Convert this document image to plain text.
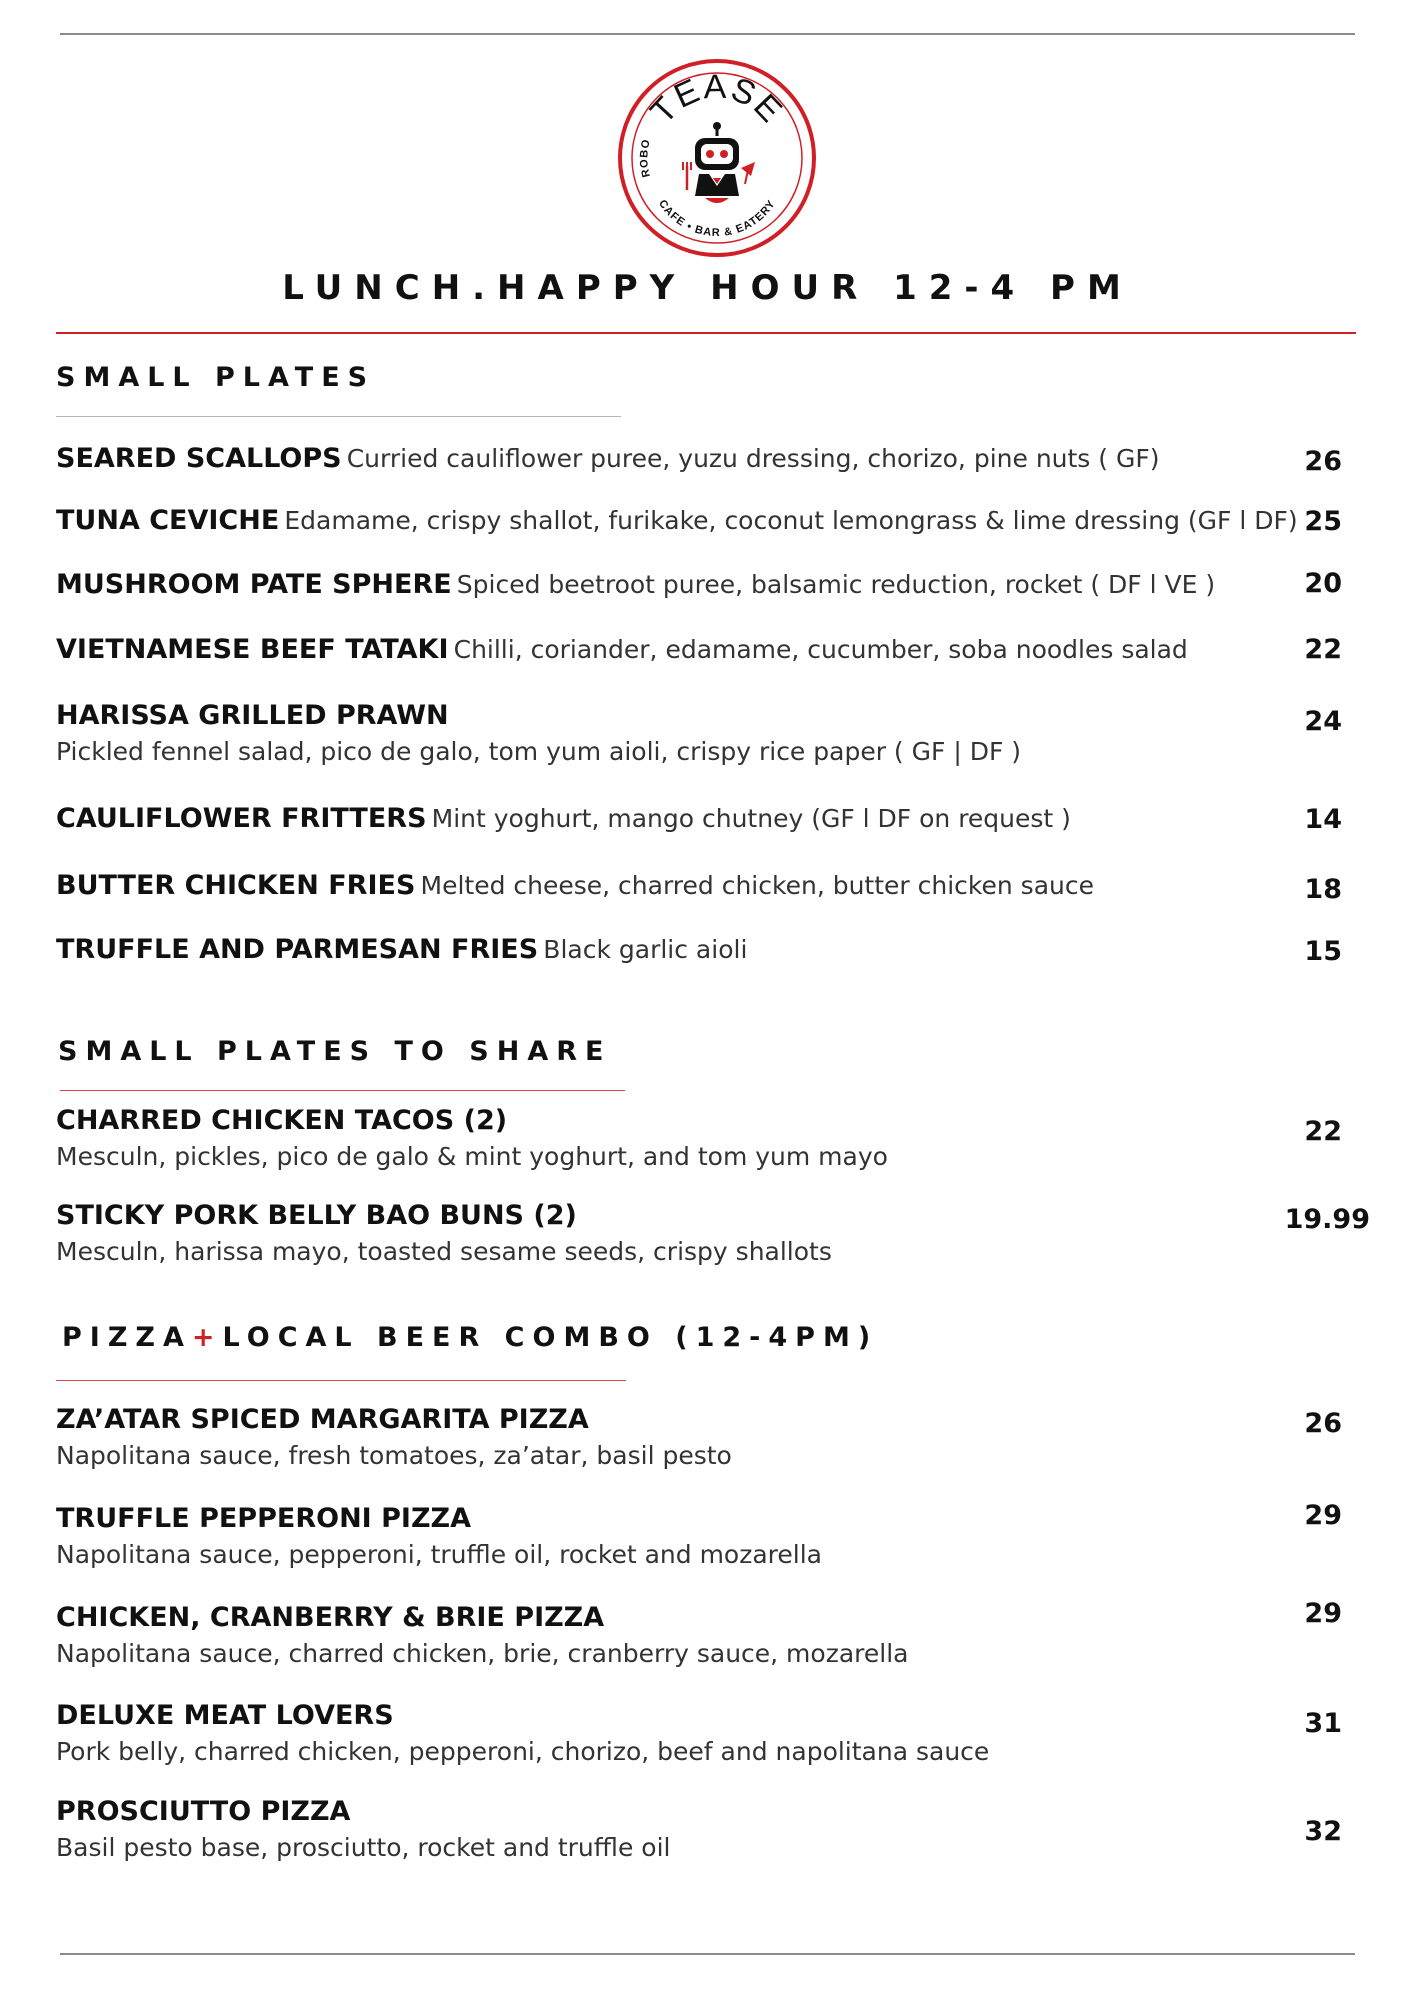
TEASE
CAFE • BAR & EATERY
ROBO
LUNCH.HAPPY HOUR 12-4 PM
SMALL PLATES
SEARED SCALLOPS Curried cauliflower puree, yuzu dressing, chorizo, pine nuts ( GF)	26
TUNA CEVICHE Edamame, crispy shallot, furikake, coconut lemongrass & lime dressing (GF l DF) 25
MUSHROOM PATE SPHERE Spiced beetroot puree, balsamic reduction, rocket ( DF l VE )	20
VIETNAMESE BEEF TATAKI Chilli, coriander, edamame, cucumber, soba noodles salad	22
HARISSA GRILLED PRAWN
Pickled fennel salad, pico de galo, tom yum aioli, crispy rice paper ( GF | DF )
24
CAULIFLOWER FRITTERS Mint yoghurt, mango chutney (GF l DF on request )	14
BUTTER CHICKEN FRIES Melted cheese, charred chicken, butter chicken sauce	18
TRUFFLE AND PARMESAN FRIES Black garlic aioli	15
SMALL PLATES TO SHARE
CHARRED CHICKEN TACOS (2)
Mesculn, pickles, pico de galo & mint yoghurt, and tom yum mayo
22
STICKY PORK BELLY BAO BUNS (2)
Mesculn, harissa mayo, toasted sesame seeds, crispy shallots
19.99
PIZZA+LOCAL BEER COMBO (12-4PM)
ZA’ATAR SPICED MARGARITA PIZZA
Napolitana sauce, fresh tomatoes, za’atar, basil pesto
26
TRUFFLE PEPPERONI PIZZA
Napolitana sauce, pepperoni, truffle oil, rocket and mozarella
29
CHICKEN, CRANBERRY & BRIE PIZZA
Napolitana sauce, charred chicken, brie, cranberry sauce, mozarella
29
DELUXE MEAT LOVERS
Pork belly, charred chicken, pepperoni, chorizo, beef and napolitana sauce
31
PROSCIUTTO PIZZA
Basil pesto base, prosciutto, rocket and truffle oil
32
